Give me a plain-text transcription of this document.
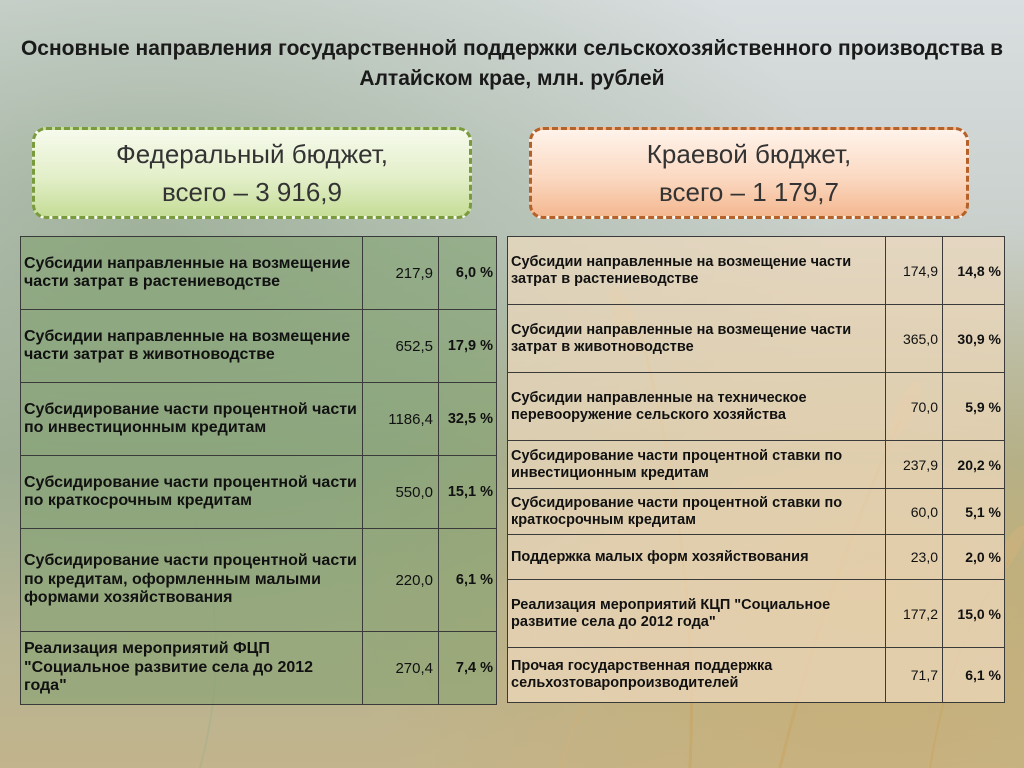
Основные направления государственной поддержки сельскохозяйственного производства в Алтайском крае, млн. рублей
Федеральный бюджет,
всего – 3 916,9
Краевой бюджет,
всего – 1 179,7
Субсидии направленные на возмещение части затрат в растениеводстве	217,9	6,0 %
Субсидии направленные на возмещение части затрат в животноводстве	652,5	17,9 %
Субсидирование части процентной части по инвестиционным кредитам	1186,4	32,5 %
Субсидирование части процентной части по краткосрочным кредитам	550,0	15,1 %
Субсидирование части процентной части по кредитам, оформленным малыми формами хозяйствования	220,0	6,1 %
Реализация мероприятий ФЦП "Социальное развитие села до 2012 года"	270,4	7,4 %
Субсидии направленные на возмещение части затрат в растениеводстве	174,9	14,8 %
Субсидии направленные на возмещение части затрат в животноводстве	365,0	30,9 %
Субсидии направленные на техническое перевооружение сельского хозяйства	70,0	5,9 %
Субсидирование части процентной ставки по инвестиционным кредитам	237,9	20,2 %
Субсидирование части процентной ставки по краткосрочным кредитам	60,0	5,1 %
Поддержка малых форм хозяйствования	23,0	2,0 %
Реализация мероприятий КЦП "Социальное развитие села до 2012 года"	177,2	15,0 %
Прочая государственная поддержка сельхозтоваропроизводителей	71,7	6,1 %
